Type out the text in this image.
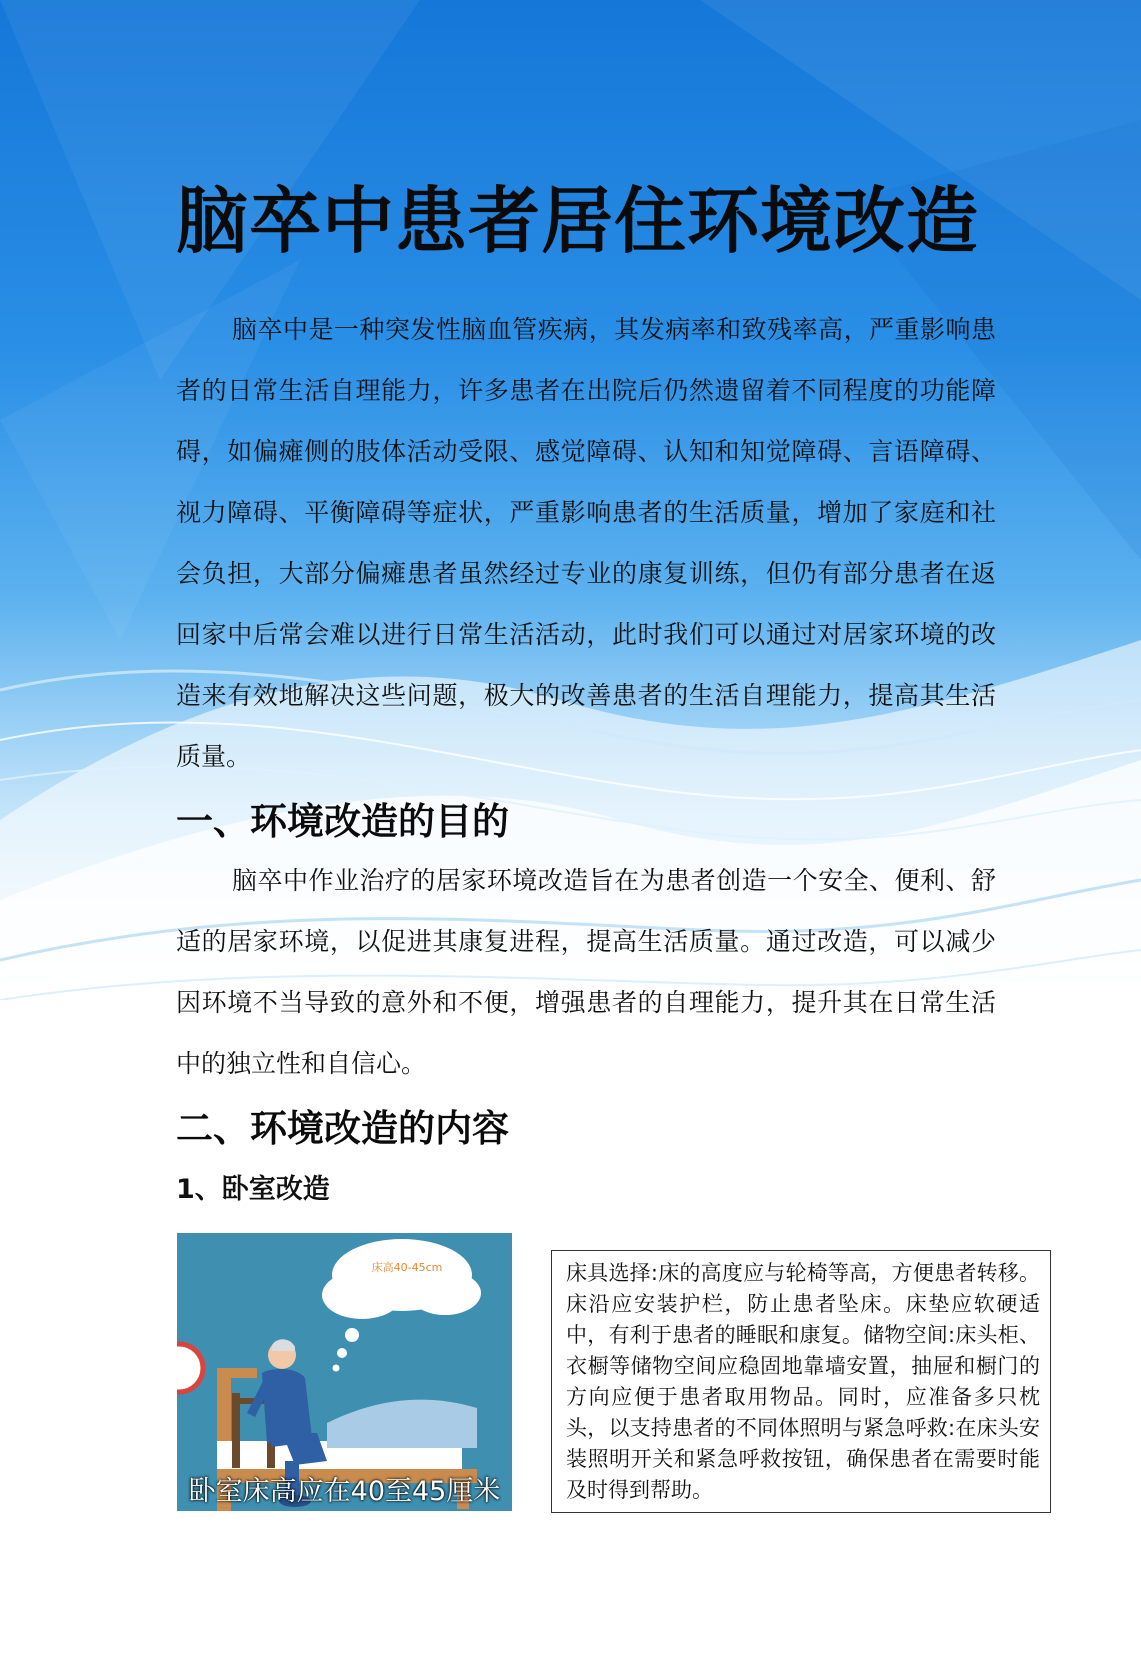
脑卒中患者居住环境改造

脑卒中是一种突发性脑血管疾病，其发病率和致残率高，严重影响患者的日常生活自理能力，许多患者在出院后仍然遗留着不同程度的功能障碍，如偏瘫侧的肢体活动受限、感觉障碍、认知和知觉障碍、言语障碍、视力障碍、平衡障碍等症状，严重影响患者的生活质量，增加了家庭和社会负担，大部分偏瘫患者虽然经过专业的康复训练，但仍有部分患者在返回家中后常会难以进行日常生活活动，此时我们可以通过对居家环境的改造来有效地解决这些问题，极大的改善患者的生活自理能力，提高其生活质量。

一、环境改造的目的

脑卒中作业治疗的居家环境改造旨在为患者创造一个安全、便利、舒适的居家环境，以促进其康复进程，提高生活质量。通过改造，可以减少因环境不当导致的意外和不便，增强患者的自理能力，提升其在日常生活中的独立性和自信心。

二、环境改造的内容
1、卧室改造
床高40-45cm
卧室床高应在40至45厘米

床具选择:床的高度应与轮椅等高，方便患者转移。床沿应安装护栏，防止患者坠床。床垫应软硬适中，有利于患者的睡眠和康复。储物空间:床头柜、衣橱等储物空间应稳固地靠墙安置，抽屉和橱门的方向应便于患者取用物品。同时，应准备多只枕头，以支持患者的不同体照明与紧急呼救:在床头安装照明开关和紧急呼救按钮，确保患者在需要时能及时得到帮助。
